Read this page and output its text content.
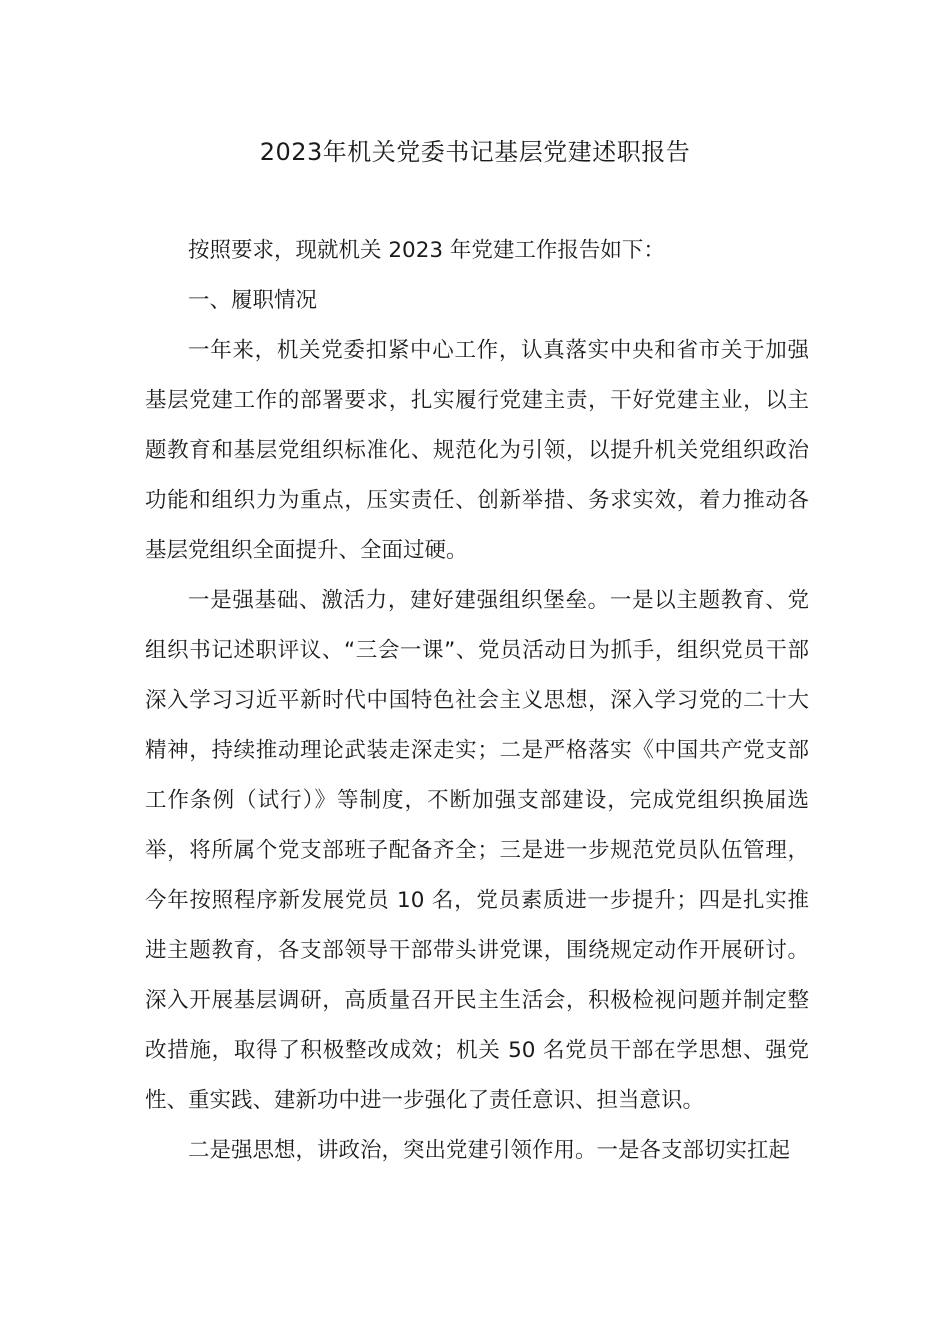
2023年机关党委书记基层党建述职报告

按照要求，现就机关 2023 年党建工作报告如下：

一、履职情况

一年来，机关党委扣紧中心工作，认真落实中央和省市关于加强基层党建工作的部署要求，扎实履行党建主责，干好党建主业，以主题教育和基层党组织标准化、规范化为引领，以提升机关党组织政治功能和组织力为重点，压实责任、创新举措、务求实效，着力推动各基层党组织全面提升、全面过硬。

一是强基础、激活力，建好建强组织堡垒。一是以主题教育、党组织书记述职评议、“三会一课”、党员活动日为抓手，组织党员干部深入学习习近平新时代中国特色社会主义思想，深入学习党的二十大精神，持续推动理论武装走深走实；二是严格落实《中国共产党支部工作条例（试行）》等制度，不断加强支部建设，完成党组织换届选举，将所属个党支部班子配备齐全；三是进一步规范党员队伍管理，今年按照程序新发展党员 10 名，党员素质进一步提升；四是扎实推进主题教育，各支部领导干部带头讲党课，围绕规定动作开展研讨。深入开展基层调研，高质量召开民主生活会，积极检视问题并制定整改措施，取得了积极整改成效；机关 50 名党员干部在学思想、强党性、重实践、建新功中进一步强化了责任意识、担当意识。

二是强思想，讲政治，突出党建引领作用。一是各支部切实扛起
